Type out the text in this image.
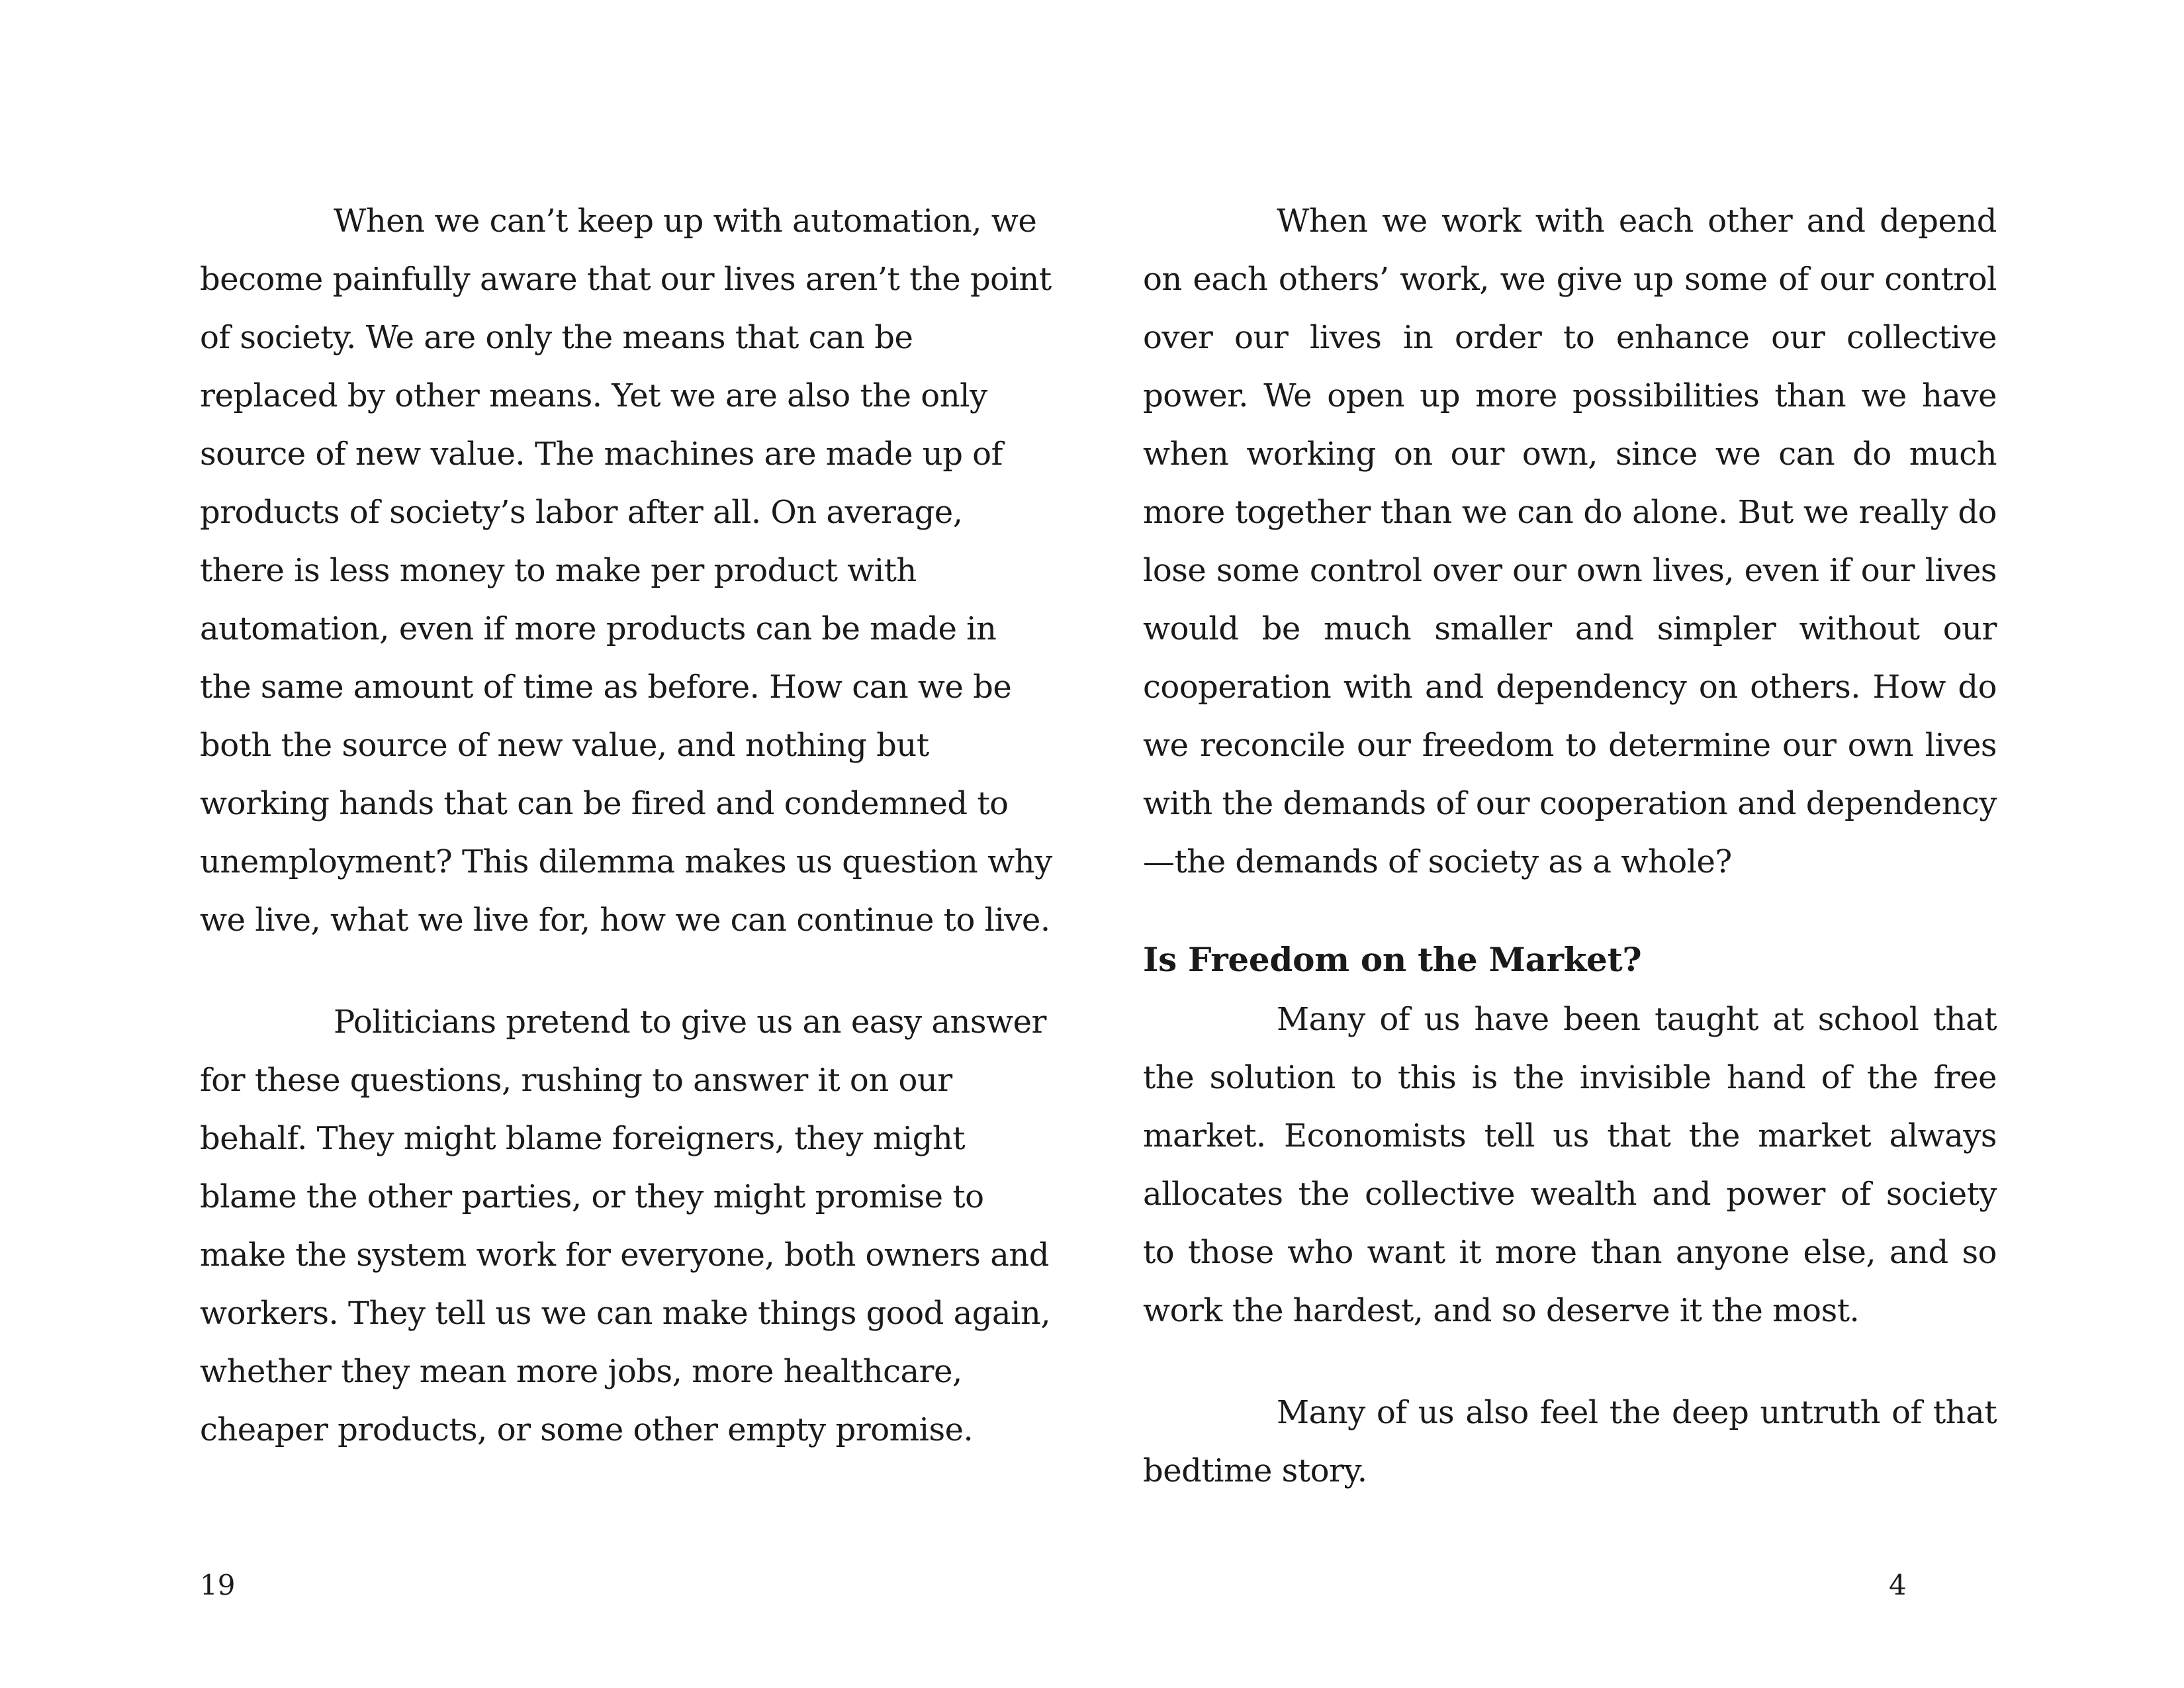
When we can’t keep up with automation, we become painfully aware that our lives aren’t the point of society. We are only the means that can be replaced by other means. Yet we are also the only source of new value. The machines are made up of products of society’s labor after all. On average, there is less money to make per product with automation, even if more products can be made in the same amount of time as before. How can we be both the source of new value, and nothing but working hands that can be fired and condemned to unemployment? This dilemma makes us question why we live, what we live for, how we can continue to live.

Politicians pretend to give us an easy answer for these questions, rushing to answer it on our behalf. They might blame foreigners, they might blame the other parties, or they might promise to make the system work for everyone, both owners and workers. They tell us we can make things good again, whether they mean more jobs, more healthcare, cheaper products, or some other empty promise.

19

When we work with each other and depend on each others’ work, we give up some of our control over our lives in order to enhance our collective power. We open up more possibilities than we have when working on our own, since we can do much more together than we can do alone. But we really do lose some control over our own lives, even if our lives would be much smaller and simpler without our cooperation with and dependency on others. How do we reconcile our freedom to determine our own lives with the demands of our cooperation and dependency—the demands of society as a whole?

Is Freedom on the Market?

Many of us have been taught at school that the solution to this is the invisible hand of the free market. Economists tell us that the market always allocates the collective wealth and power of society to those who want it more than anyone else, and so work the hardest, and so deserve it the most.

Many of us also feel the deep untruth of that bedtime story.

4
